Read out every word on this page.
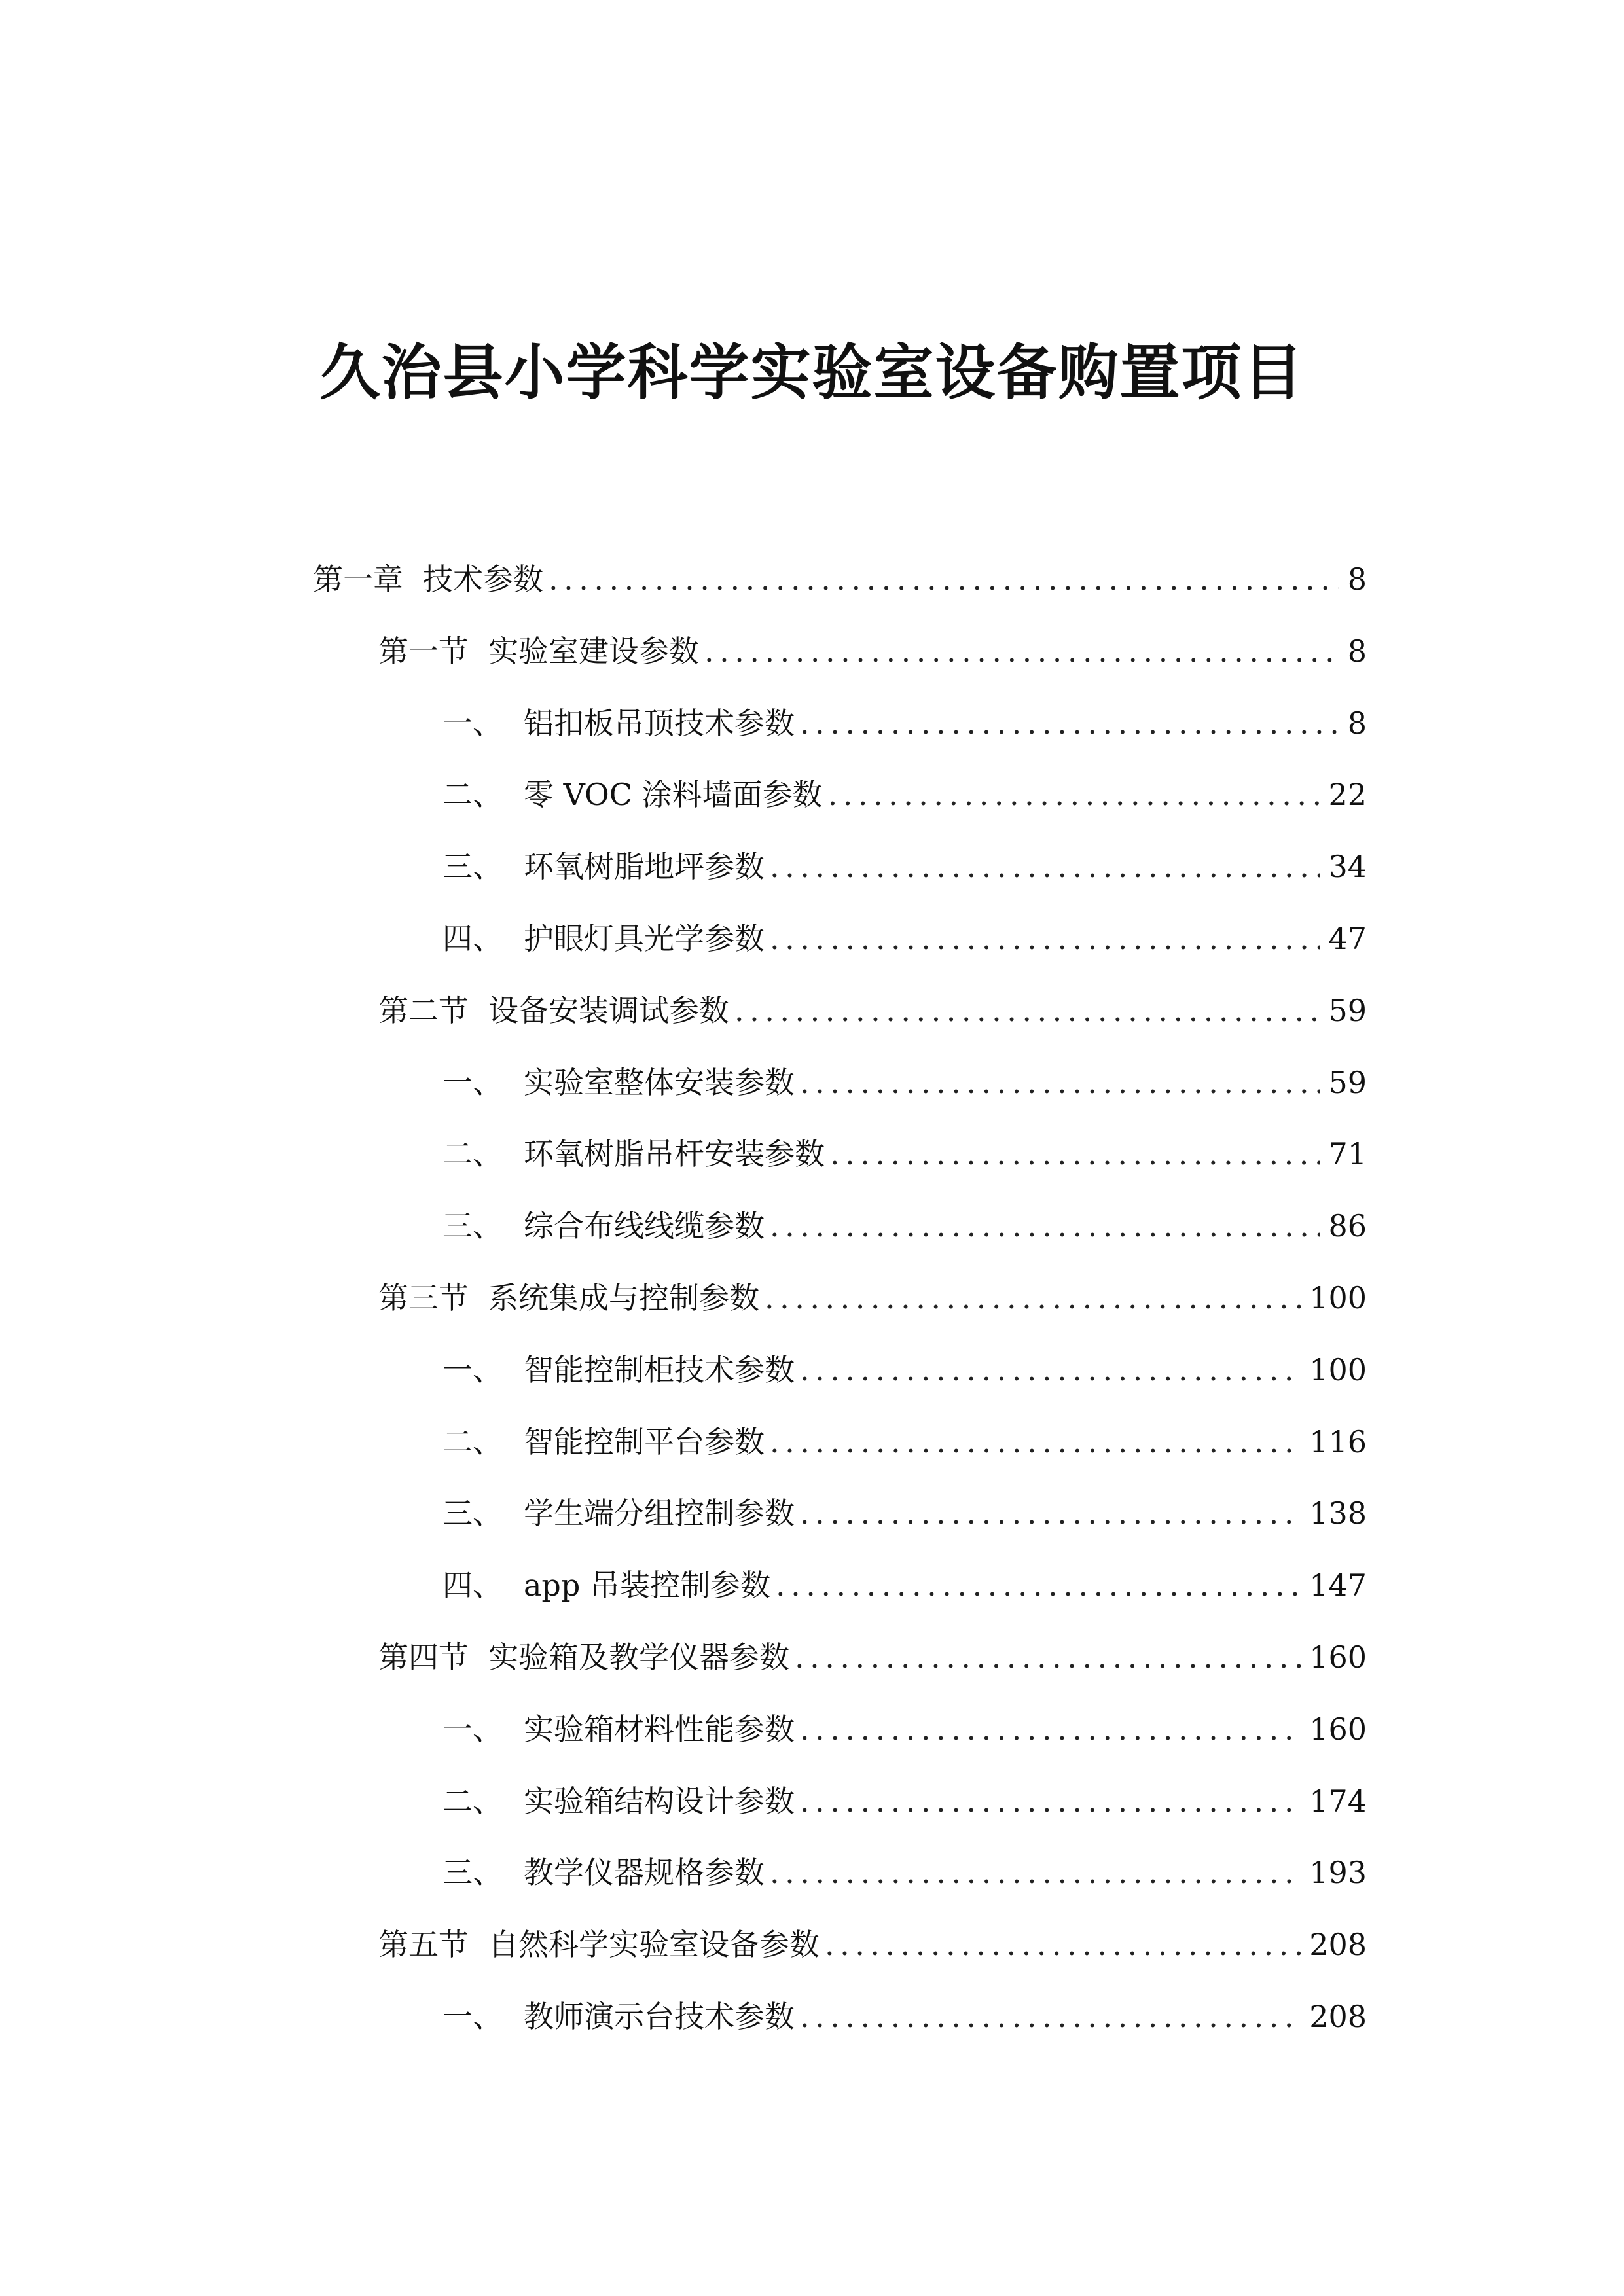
久治县小学科学实验室设备购置项目
第一章 技术参数 .....	8
第一节 实验室建设参数 .....	8
一、 铝扣板吊顶技术参数 .....	8
二、 零 VOC 涂料墙面参数 .....	22
三、 环氧树脂地坪参数 .....	34
四、 护眼灯具光学参数 .....	47
第二节 设备安装调试参数 .....	59
一、 实验室整体安装参数 .....	59
二、 环氧树脂吊杆安装参数 .....	71
三、 综合布线线缆参数 .....	86
第三节 系统集成与控制参数 .....	100
一、 智能控制柜技术参数 .....	100
二、 智能控制平台参数 .....	116
三、 学生端分组控制参数 .....	138
四、 app 吊装控制参数 .....	147
第四节 实验箱及教学仪器参数 .....	160
一、 实验箱材料性能参数 .....	160
二、 实验箱结构设计参数 .....	174
三、 教学仪器规格参数 .....	193
第五节 自然科学实验室设备参数 .....	208
一、 教师演示台技术参数 .....	208
